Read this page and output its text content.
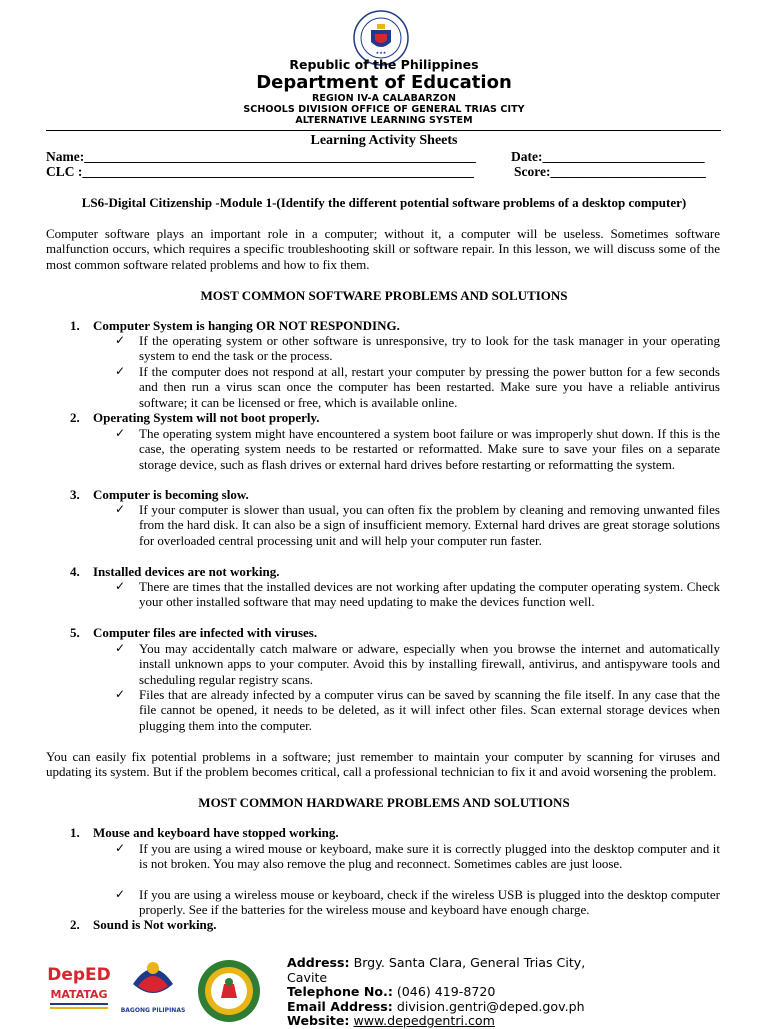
★★★
Republic of the Philippines
Department of Education
REGION IV-A CALABARZON
SCHOOLS DIVISION OFFICE OF GENERAL TRIAS CITY
ALTERNATIVE LEARNING SYSTEM
Learning Activity Sheets
Name:__________________________________________________________	Date:________________________
CLC :__________________________________________________________	Score:_______________________
LS6-Digital Citizenship -Module 1-(Identify the different potential software problems of a desktop computer)
Computer software plays an important role in a computer; without it, a computer will be useless. Sometimes software malfunction occurs, which requires a specific troubleshooting skill or software repair. In this lesson, we will discuss some of the most common software related problems and how to fix them.
MOST COMMON SOFTWARE PROBLEMS AND SOLUTIONS
1. Computer System is hanging OR NOT RESPONDING.
✓ If the operating system or other software is unresponsive, try to look for the task manager in your operating system to end the task or the process.
✓ If the computer does not respond at all, restart your computer by pressing the power button for a few seconds and then run a virus scan once the computer has been restarted. Make sure you have a reliable antivirus software; it can be licensed or free, which is available online.
2. Operating System will not boot properly.
✓ The operating system might have encountered a system boot failure or was improperly shut down. If this is the case, the operating system needs to be restarted or reformatted. Make sure to save your files on a separate storage device, such as flash drives or external hard drives before restarting or reformatting the system.
3. Computer is becoming slow.
✓ If your computer is slower than usual, you can often fix the problem by cleaning and removing unwanted files from the hard disk. It can also be a sign of insufficient memory. External hard drives are great storage solutions for overloaded central processing unit and will help your computer run faster.
4. Installed devices are not working.
✓ There are times that the installed devices are not working after updating the computer operating system. Check your other installed software that may need updating to make the devices function well.
5. Computer files are infected with viruses.
✓ You may accidentally catch malware or adware, especially when you browse the internet and automatically install unknown apps to your computer. Avoid this by installing firewall, antivirus, and antispyware tools and scheduling regular registry scans.
✓ Files that are already infected by a computer virus can be saved by scanning the file itself. In any case that the file cannot be opened, it needs to be deleted, as it will infect other files. Scan external storage devices when plugging them into the computer.
You can easily fix potential problems in a software; just remember to maintain your computer by scanning for viruses and updating its system. But if the problem becomes critical, call a professional technician to fix it and avoid worsening the problem.
MOST COMMON HARDWARE PROBLEMS AND SOLUTIONS
1. Mouse and keyboard have stopped working.
✓ If you are using a wired mouse or keyboard, make sure it is correctly plugged into the desktop computer and it is not broken. You may also remove the plug and reconnect. Sometimes cables are just loose.
✓ If you are using a wireless mouse or keyboard, check if the wireless USB is plugged into the desktop computer properly. See if the batteries for the wireless mouse and keyboard have enough charge.
2. Sound is Not working.
DepED
MATATAG
BAGONG PILIPINAS
Address: Brgy. Santa Clara, General Trias City,
Cavite
Telephone No.: (046) 419-8720
Email Address: division.gentri@deped.gov.ph
Website: www.depedgentri.com
